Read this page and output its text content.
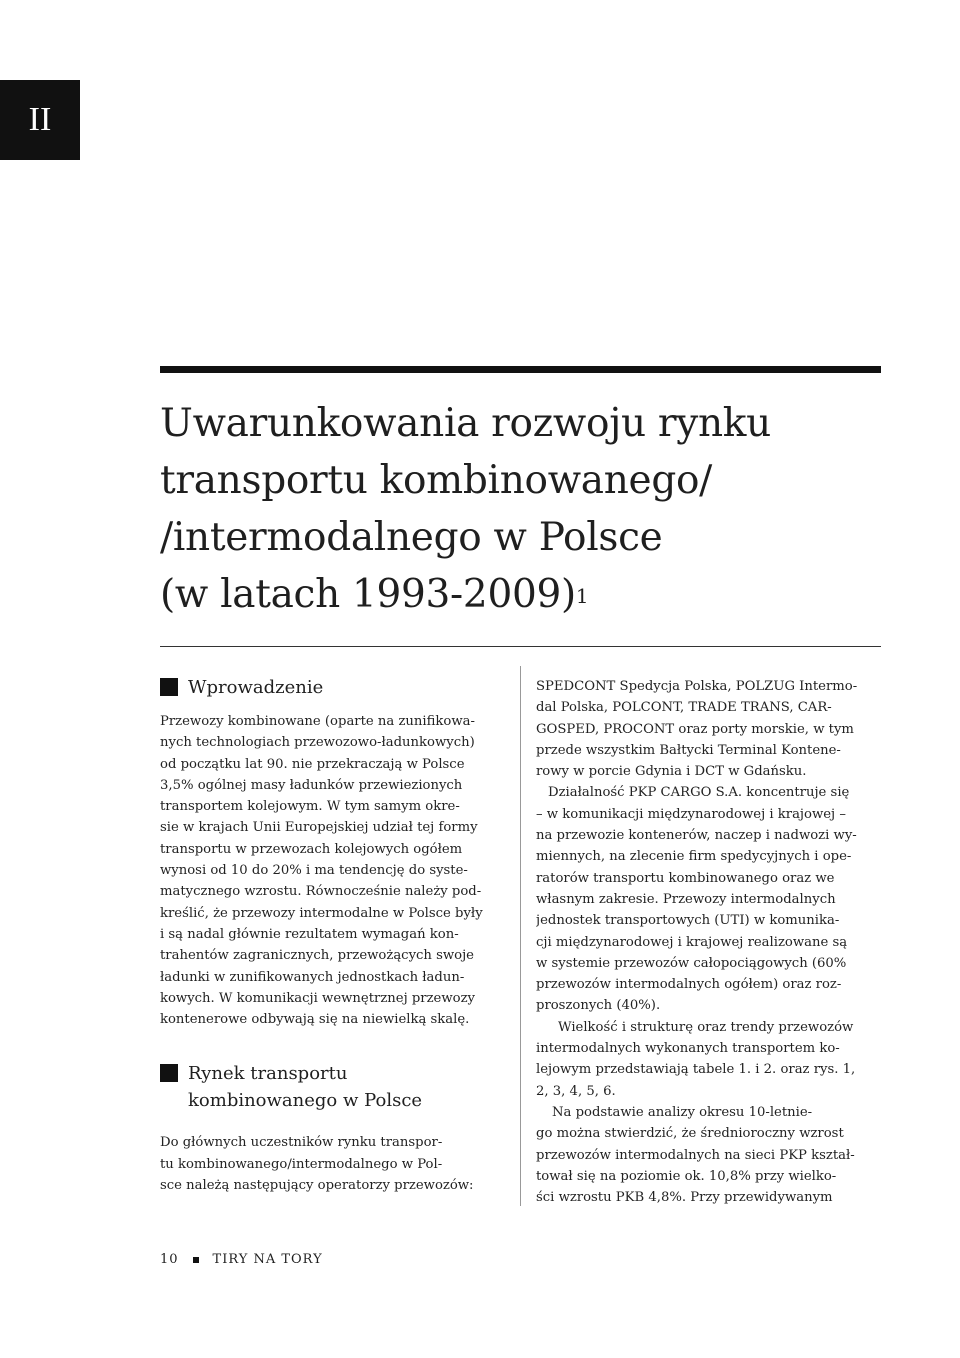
II
Uwarunkowania rozwoju rynku
transportu kombinowanego/
/intermodalnego w Polsce
(w latach 1993-2009)$^1$
Wprowadzenie

Przewozy kombinowane (oparte na zunifikowa-
nych technologiach przewozowo-ładunkowych)
od początku lat 90. nie przekraczają w Polsce
3,5% ogólnej masy ładunków przewiezionych
transportem kolejowym. W tym samym okre-
sie w krajach Unii Europejskiej udział tej formy
transportu w przewozach kolejowych ogółem
wynosi od 10 do 20% i ma tendencję do syste-
matycznego wzrostu. Równocześnie należy pod-
kreślić, że przewozy intermodalne w Polsce były
i są nadal głównie rezultatem wymagań kon-
trahentów zagranicznych, przewożących swoje
ładunki w zunifikowanych jednostkach ładun-
kowych. W komunikacji wewnętrznej przewozy
kontenerowe odbywają się na niewielką skalę.

Rynek transportu
kombinowanego w Polsce

Do głównych uczestników rynku transpor-
tu kombinowanego/intermodalnego w Pol-
sce należą następujący operatorzy przewozów:

SPEDCONT Spedycja Polska, POLZUG Intermo-
dal Polska, POLCONT, TRADE TRANS, CAR-
GOSPED, PROCONT oraz porty morskie, w tym
przede wszystkim Bałtycki Terminal Kontene-
rowy w porcie Gdynia i DCT w Gdańsku.

Działalność PKP CARGO S.A. koncentruje się
– w komunikacji międzynarodowej i krajowej –
na przewozie kontenerów, naczep i nadwozi wy-
miennych, na zlecenie firm spedycyjnych i ope-
ratorów transportu kombinowanego oraz we
własnym zakresie. Przewozy intermodalnych
jednostek transportowych (UTI) w komunika-
cji międzynarodowej i krajowej realizowane są
w systemie przewozów całopociągowych (60%
przewozów intermodalnych ogółem) oraz roz-
proszonych (40%).

Wielkość i strukturę oraz trendy przewozów
intermodalnych wykonanych transportem ko-
lejowym przedstawiają tabele 1. i 2. oraz rys. 1,
2, 3, 4, 5, 6.

Na podstawie analizy okresu 10-letnie-
go można stwierdzić, że średnioroczny wzrost
przewozów intermodalnych na sieci PKP kształ-
tował się na poziomie ok. 10,8% przy wielko-
ści wzrostu PKB 4,8%. Przy przewidywanym

10	TIRY NA TORY
